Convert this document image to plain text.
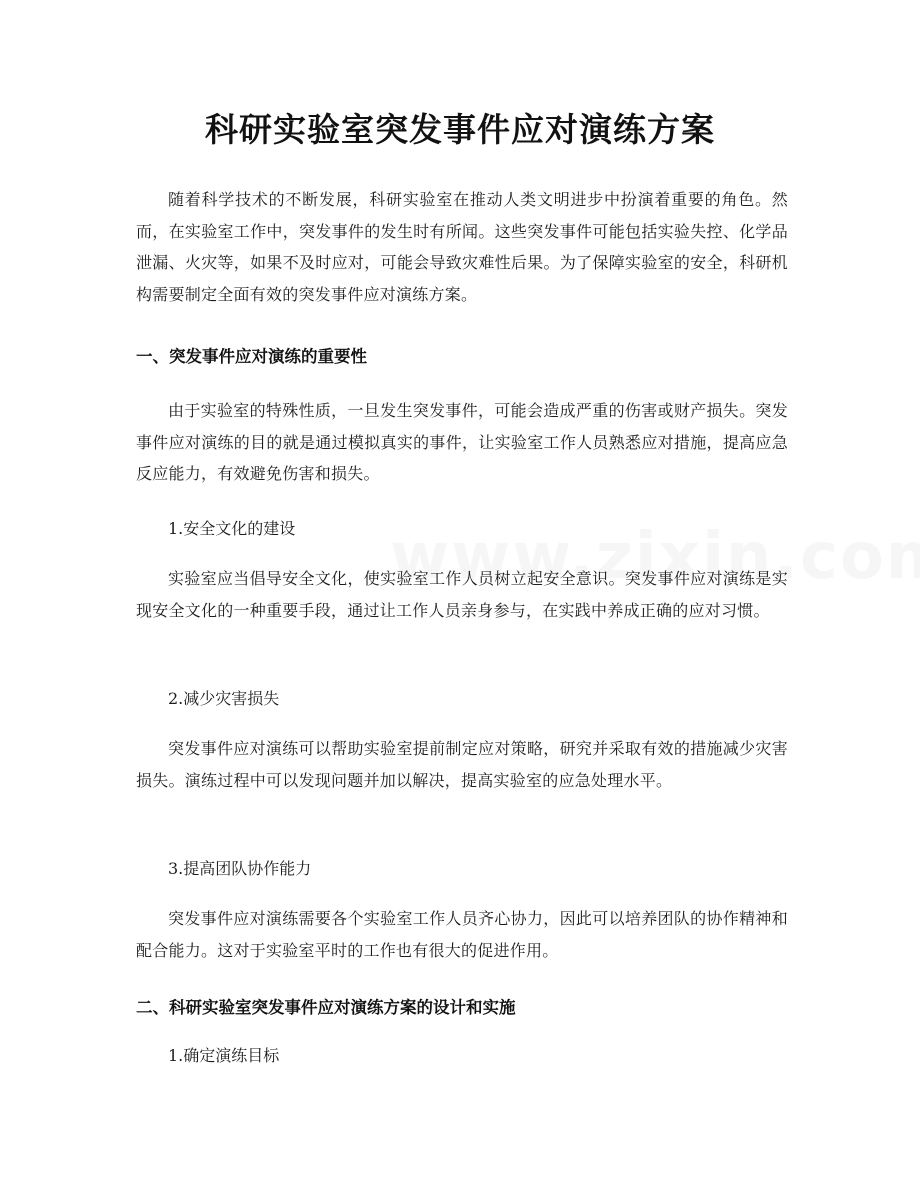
科研实验室突发事件应对演练方案
随着科学技术的不断发展，科研实验室在推动人类文明进步中扮演着重要的角色。然而，在实验室工作中，突发事件的发生时有所闻。这些突发事件可能包括实验失控、化学品泄漏、火灾等，如果不及时应对，可能会导致灾难性后果。为了保障实验室的安全，科研机构需要制定全面有效的突发事件应对演练方案。
一、突发事件应对演练的重要性
由于实验室的特殊性质，一旦发生突发事件，可能会造成严重的伤害或财产损失。突发事件应对演练的目的就是通过模拟真实的事件，让实验室工作人员熟悉应对措施，提高应急反应能力，有效避免伤害和损失。
1.安全文化的建设
实验室应当倡导安全文化，使实验室工作人员树立起安全意识。突发事件应对演练是实现安全文化的一种重要手段，通过让工作人员亲身参与，在实践中养成正确的应对习惯。
2.减少灾害损失
突发事件应对演练可以帮助实验室提前制定应对策略，研究并采取有效的措施减少灾害损失。演练过程中可以发现问题并加以解决，提高实验室的应急处理水平。
3.提高团队协作能力
突发事件应对演练需要各个实验室工作人员齐心协力，因此可以培养团队的协作精神和配合能力。这对于实验室平时的工作也有很大的促进作用。
二、科研实验室突发事件应对演练方案的设计和实施
1.确定演练目标
